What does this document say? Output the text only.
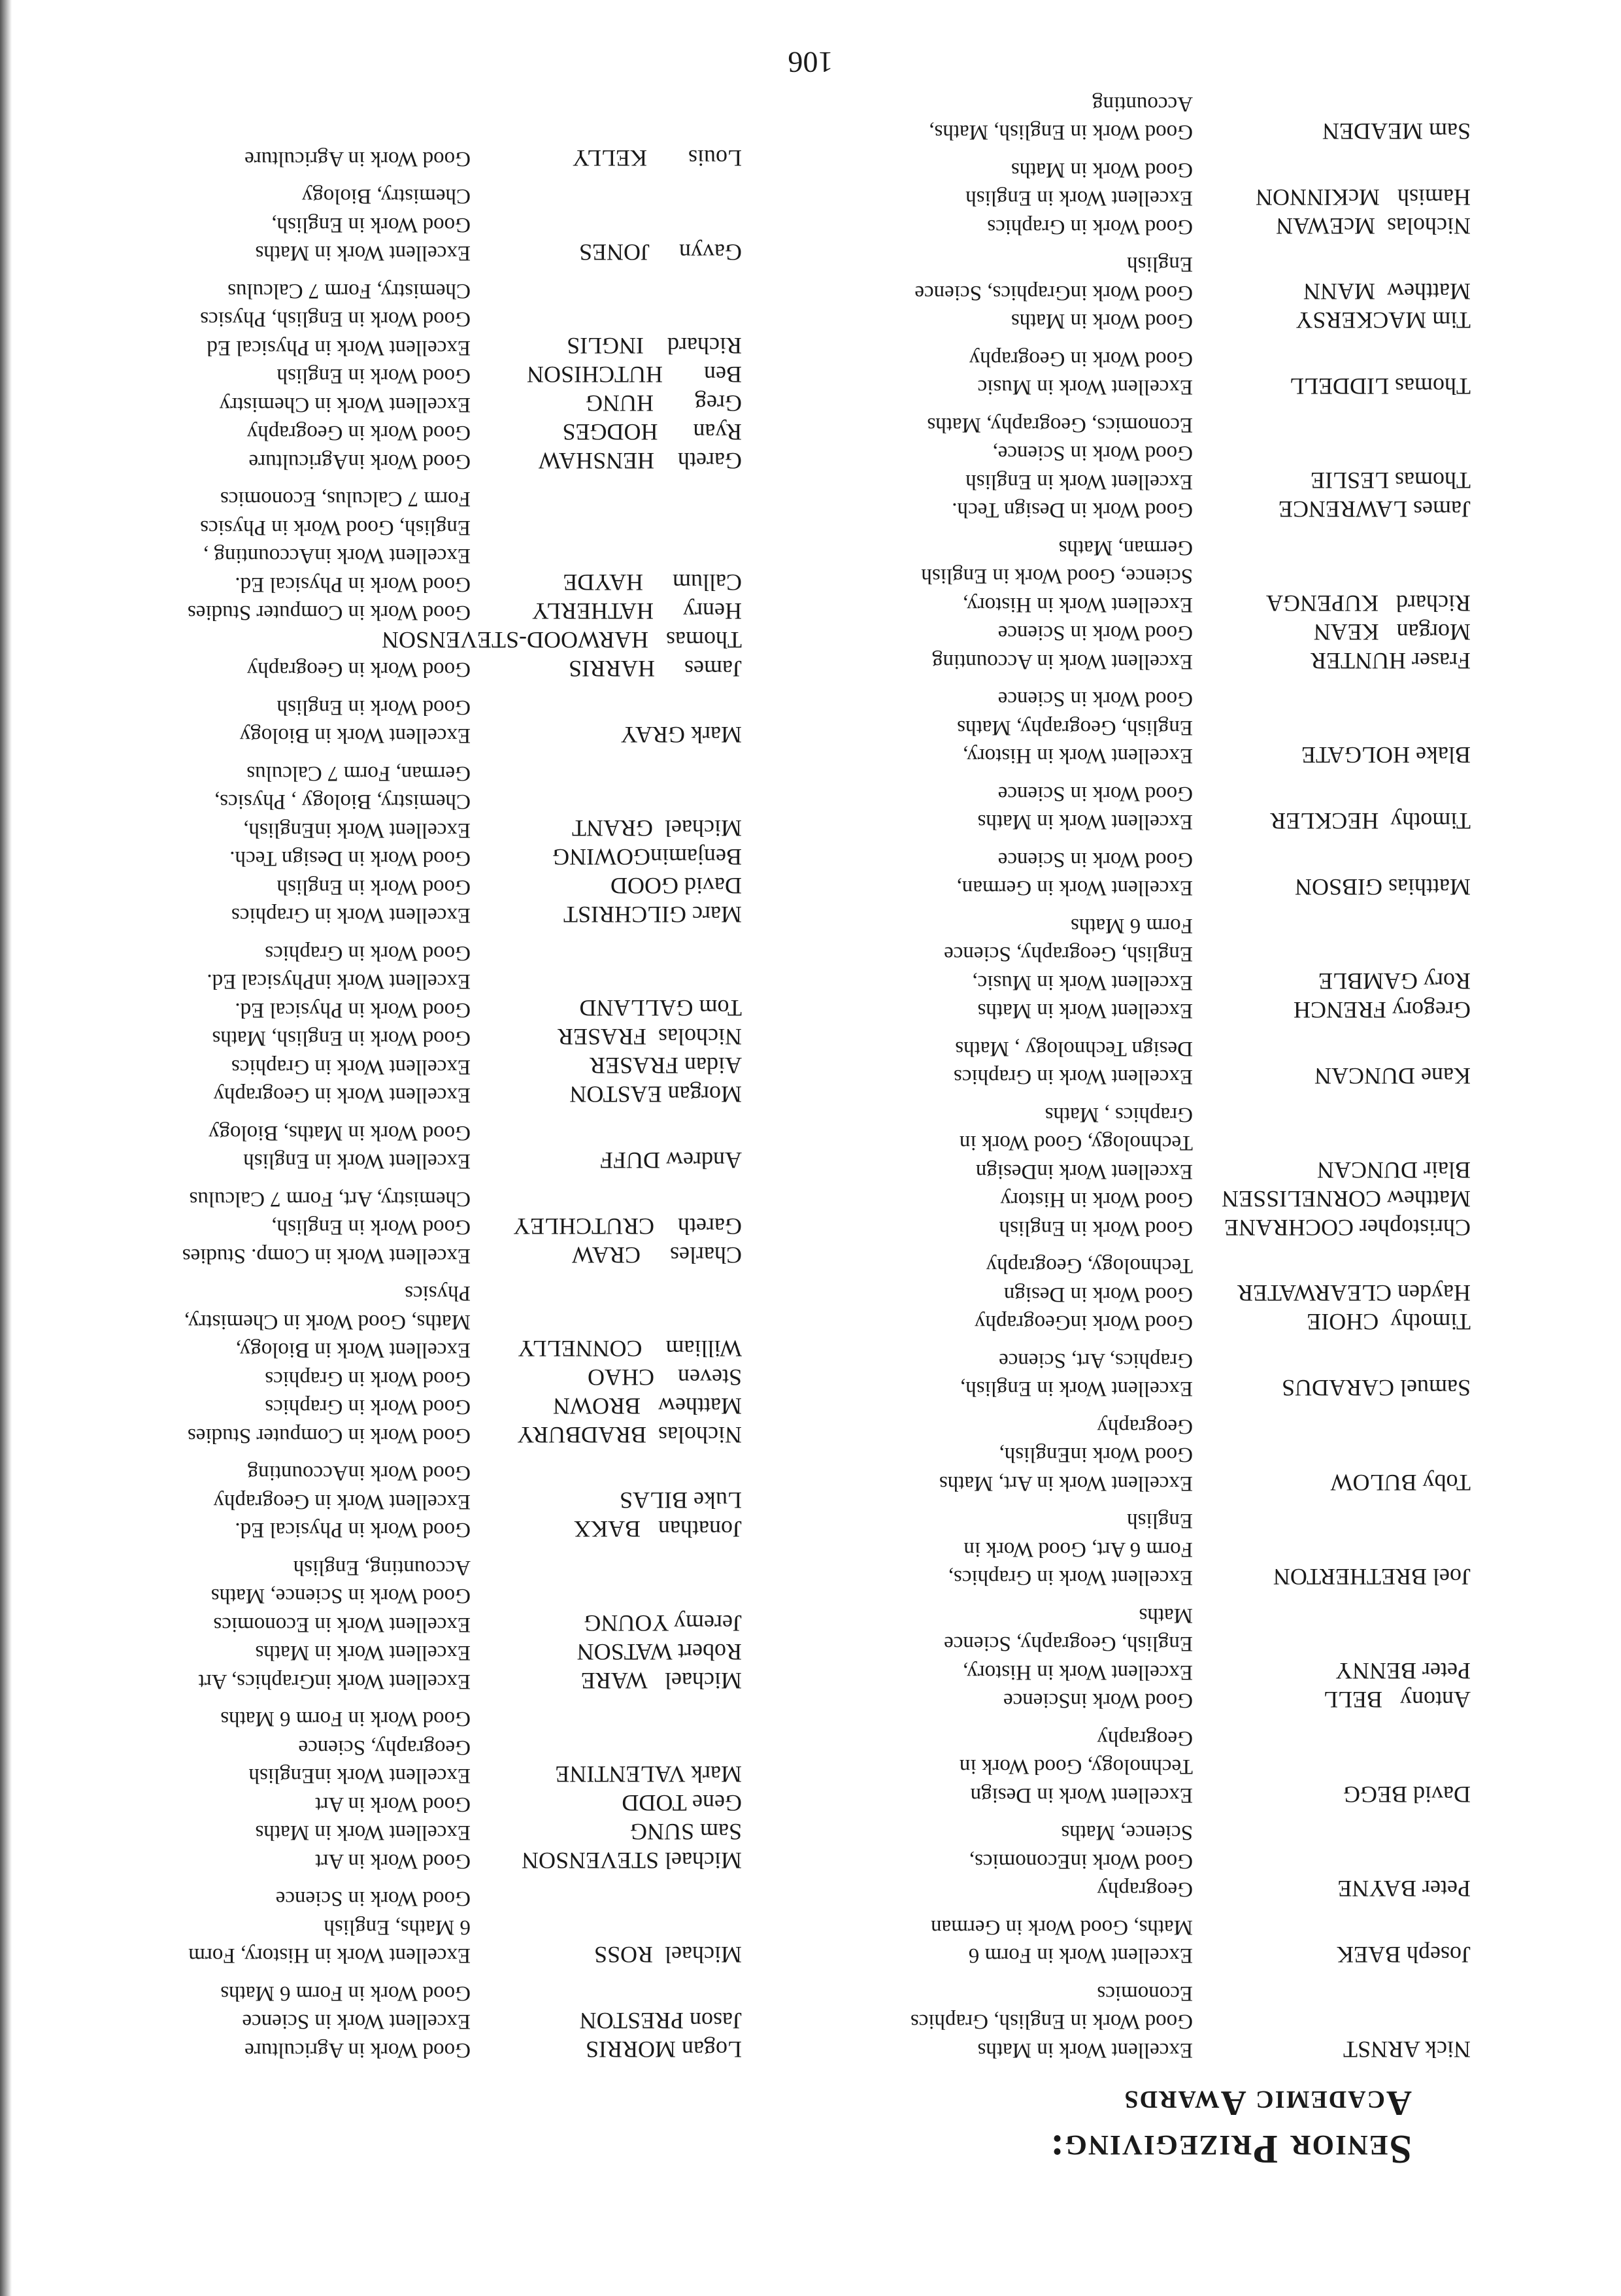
Senior Prizegiving:
Academic Awards
Nick ARNST
Joseph BAEK
Peter BAYNE
David BEGG
Antony   BELL
Peter BENNY
Joel BRETHERTON
Toby BULOW
Samuel CARADUS
Timothy  CHOIE
Hayden CLEARWATER
Christopher COCHRANE
Matthew CORNELISSEN
Blair DUNCAN
Kane DUNCAN
Gregory FRENCH
Rory GAMBLE
Matthias GIBSON
Timothy  HECKLER
Blake HOLGATE
Fraser HUNTER
Morgan   KEAN
Richard   KUPENGA
James LAWRENCE
Thomas LESLIE
Thomas LIDDELL
Tim MACKERSY
Matthew  MANN
Nicholas  McEWAN
Hamish   McKINNON
Sam MEADEN
Excellent Work in Maths
Good Work in English, Graphics
Economics
Excellent Work in Form 6
Maths, Good Work in German
Geography
Good Work inEconomics,
Science, Maths
Excellent Work in Design
Technology, Good Work in
Geography
Good Work inScience
Excellent Work in History,
English, Geography, Science
Maths
Excellent Work in Graphics,
Form 6 Art, Good Work in
English
Excellent Work in Art, Maths
Good Work inEnglish,
Geography
Excellent Work in English,
Graphics, Art, Science
Good Work inGeography
Good Work in Design
Technology, Geography
Good Work in English
Good Work in History
Excellent Work inDesign
Technology, Good Work in
Graphics , Maths
Excellent Work in Graphics
Design Technology , Maths
Excellent Work in Maths
Excellent Work in Music,
English, Geography, Science
Form 6 Maths
Excellent Work in German,
Good Work in Science
Excellent Work in Maths
Good Work in Science
Excellent Work in History,
English, Geography, Maths
Good Work in Science
Excellent Work in Accounting
Good Work in Science
Excellent Work in History,
Science, Good Work in English
German, Maths
Good Work in Design Tech.
Excellent Work in English
Good Work in Science,
Economics, Geography, Maths
Excellent Work in Music
Good Work in Geography
Good Work in Maths
Good Work inGraphics, Science
English
Good Work in Graphics
Excellent Work in English
Good Work in Maths
Good Work in English, Maths,
Accounting
Logan MORRIS
Jason PRESTON
Michael  ROSS
Michael STEVENSON
Sam SUNG
Gene TODD
Mark VALENTINE
Michael   WARE
Robert WATSON
Jeremy YOUNG
Jonathan   BAKX
Luke BILAS
Nicholas  BRADBURY
Matthew   BROWN
Steven    CHAO
William    CONNELLY
Charles     CRAW
Gareth    CRUTCHLEY
Andrew DUFF
Morgan EASTON
Aidan FRASER
Nicholas  FRASER
Tom GALLAND
Marc GILCHRIST
David GOOD
BenjaminGOWING
Michael  GRANT
Mark GRAY
James     HARRIS
Thomas   HARWOOD-STEVENSON
Henry     HATHERLY
Callum     HAYDE
Gareth    HENSHAW
Ryan      HODGES
Greg       HUNG
Ben       HUTCHISON
Richard    INGLIS
Gavyn     JONES
Louis       KELLY
Good Work in Agriculture
Excellent Work in Science
Good Work in Form 6 Maths
Excellent Work in History, Form
6 Maths, English
Good Work in Science
Good Work in Art
Excellent Work in Maths
Good Work in Art
Excellent Work inEnglish
Geography, Science
Good Work in Form 6 Maths
Excellent Work inGraphics, Art
Excellent Work in Maths
Excellent Work in Economics
Good Work in Science, Maths
Accounting, English
Good Work in Physical Ed.
Excellent Work in Geography
Good Work inAccounting
Good Work in Computer Studies
Good Work in Graphics
Good Work in Graphics
Excellent Work in Biology,
Maths, Good Work in Chemistry,
Physics
Excellent Work in Comp. Studies
Good Work in English,
Chemistry, Art, Form 7 Calculus
Excellent Work in English
Good Work in Maths, Biology
Excellent Work in Geography
Excellent Work in Graphics
Good Work in English, Maths
Good Work in Physical Ed.
Excellent Work inPhysical Ed.
Good Work in Graphics
Excellent Work in Graphics
Good Work in English
Good Work in Design Tech.
Excellent Work inEnglish,
Chemistry, Biology , Physics,
German, Form 7 Calculus
Excellent Work in Biology
Good Work in English
Good Work in Geography

Good Work in Computer Studies
Good Work in Physical Ed.
Excellent Work inAccounting ,
English, Good Work in Physics
Form 7 Calculus, Economics
Good Work inAgriculture
Good Work in Geography
Excellent Work in Chemistry
Good Work in English
Excellent Work in Physical Ed
Good Work in English, Physics
Chemistry, Form 7 Calculus
Excellent Work in Maths
Good Work in English,
Chemistry, Biology
Good Work in Agriculture
106
